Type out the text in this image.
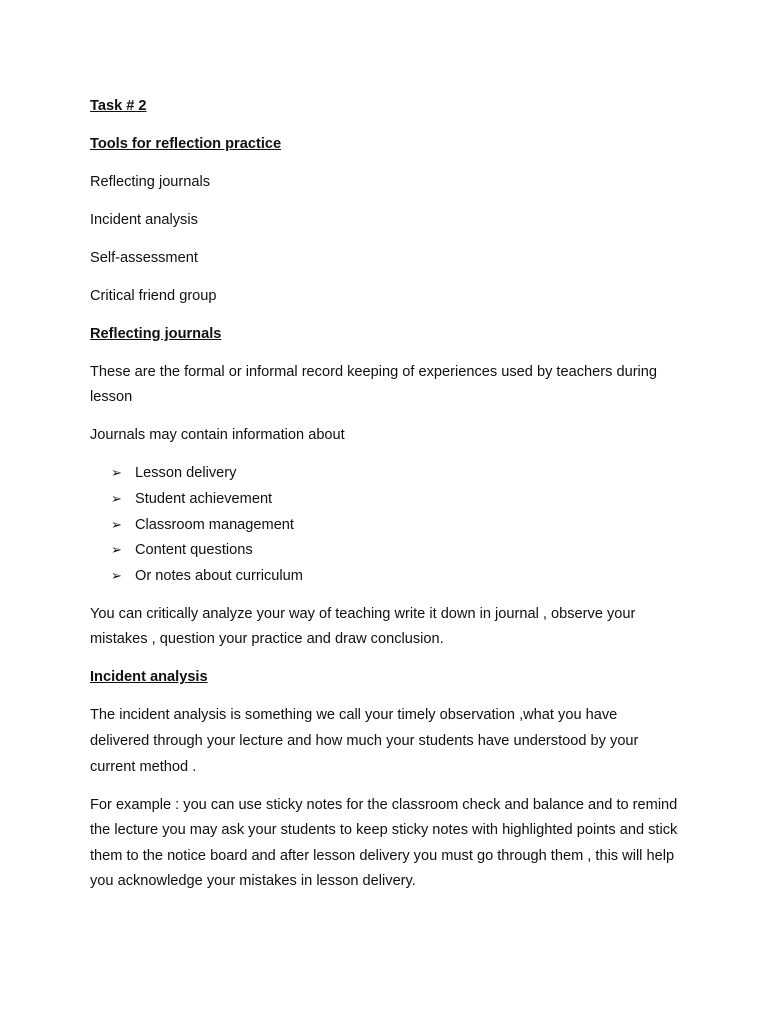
Task # 2
Tools for reflection practice
Reflecting journals
Incident analysis
Self-assessment
Critical friend group
Reflecting journals
These are the formal or informal record keeping of experiences used by teachers during lesson
Journals may contain information about
➢ Lesson delivery
➢ Student achievement
➢ Classroom management
➢ Content questions
➢ Or notes about curriculum
You can critically analyze your way of teaching write it down in journal , observe your mistakes , question your practice and draw conclusion.
Incident analysis
The incident analysis is something we call your timely observation ,what you have delivered through your lecture and how much your students have understood by your current method .
For example : you can use sticky notes for the classroom check and balance and to remind the lecture you may ask your students to keep sticky notes with highlighted points and stick them to the notice board and after lesson delivery you must go through them , this will help you acknowledge your mistakes in lesson delivery.
